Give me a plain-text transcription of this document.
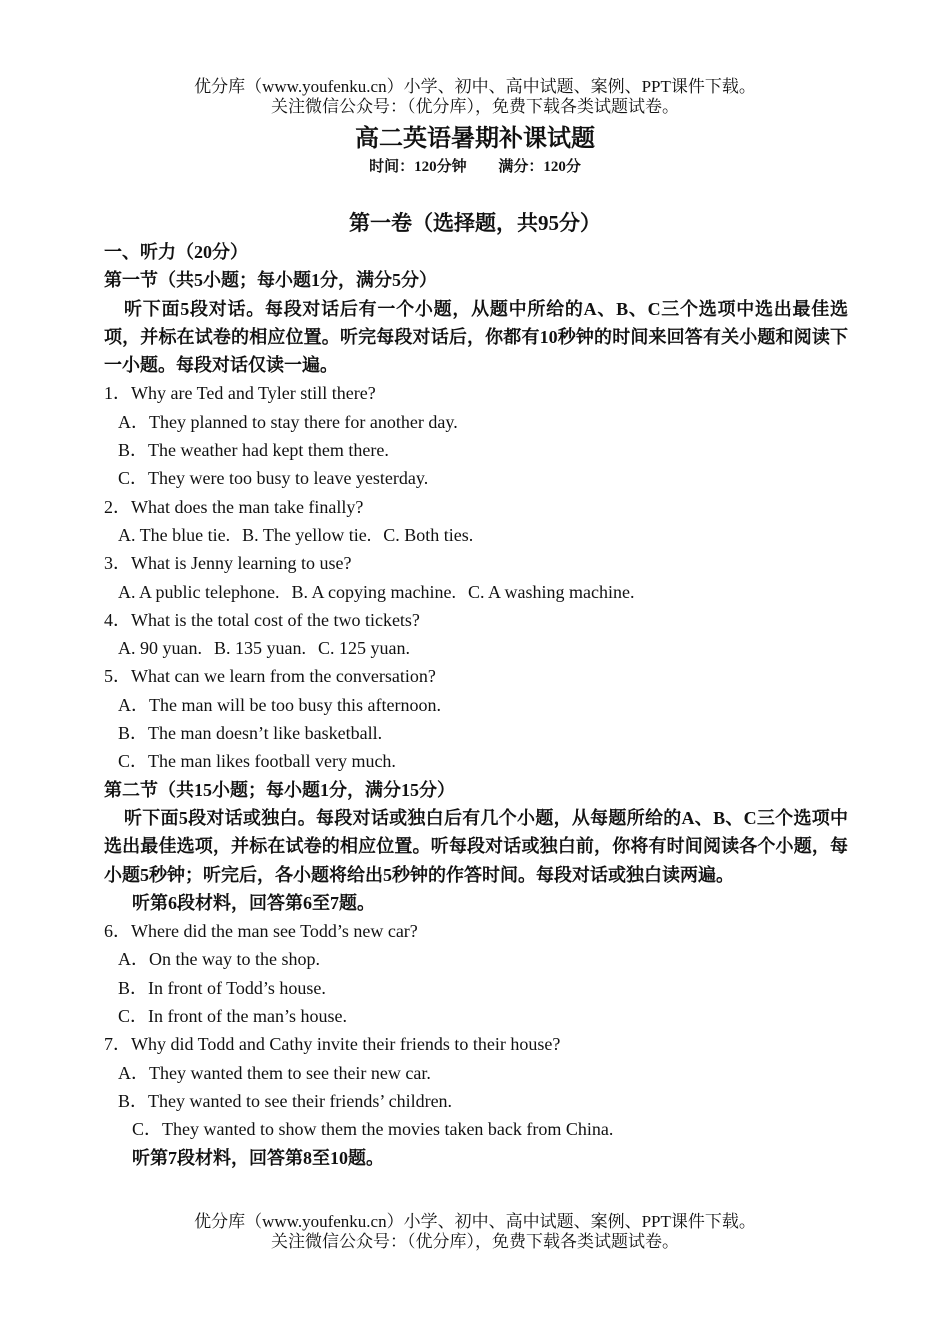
优分库（www.youfenku.cn）小学、初中、高中试题、案例、PPT课件下载。
关注微信公众号：（优分库），免费下载各类试题试卷。
高二英语暑期补课试题
时间：120分钟 满分：120分
第一卷（选择题，共95分）
一、听力（20分）
第一节（共5小题；每小题1分，满分5分）
听下面5段对话。每段对话后有一个小题，从题中所给的A、B、C三个选项中选出最佳选项，并标在试卷的相应位置。听完每段对话后，你都有10秒钟的时间来回答有关小题和阅读下一小题。每段对话仅读一遍。
1．Why are Ted and Tyler still there?
A．They planned to stay there for another day.
B．The weather had kept them there.
C．They were too busy to leave yesterday.
2．What does the man take finally?
A. The blue tie. B. The yellow tie. C. Both ties.
3．What is Jenny learning to use?
A. A public telephone. B. A copying machine. C. A washing machine.
4．What is the total cost of the two tickets?
A. 90 yuan. B. 135 yuan. C. 125 yuan.
5．What can we learn from the conversation?
A．The man will be too busy this afternoon.
B．The man doesn’t like basketball.
C．The man likes football very much.
第二节（共15小题；每小题1分，满分15分）
听下面5段对话或独白。每段对话或独白后有几个小题，从每题所给的A、B、C三个选项中选出最佳选项，并标在试卷的相应位置。听每段对话或独白前，你将有时间阅读各个小题，每小题5秒钟；听完后，各小题将给出5秒钟的作答时间。每段对话或独白读两遍。
听第6段材料，回答第6至7题。
6．Where did the man see Todd’s new car?
A．On the way to the shop.
B．In front of Todd’s house.
C．In front of the man’s house.
7．Why did Todd and Cathy invite their friends to their house?
A．They wanted them to see their new car.
B．They wanted to see their friends’ children.
C．They wanted to show them the movies taken back from China.
听第7段材料，回答第8至10题。
优分库（www.youfenku.cn）小学、初中、高中试题、案例、PPT课件下载。
关注微信公众号：（优分库），免费下载各类试题试卷。
